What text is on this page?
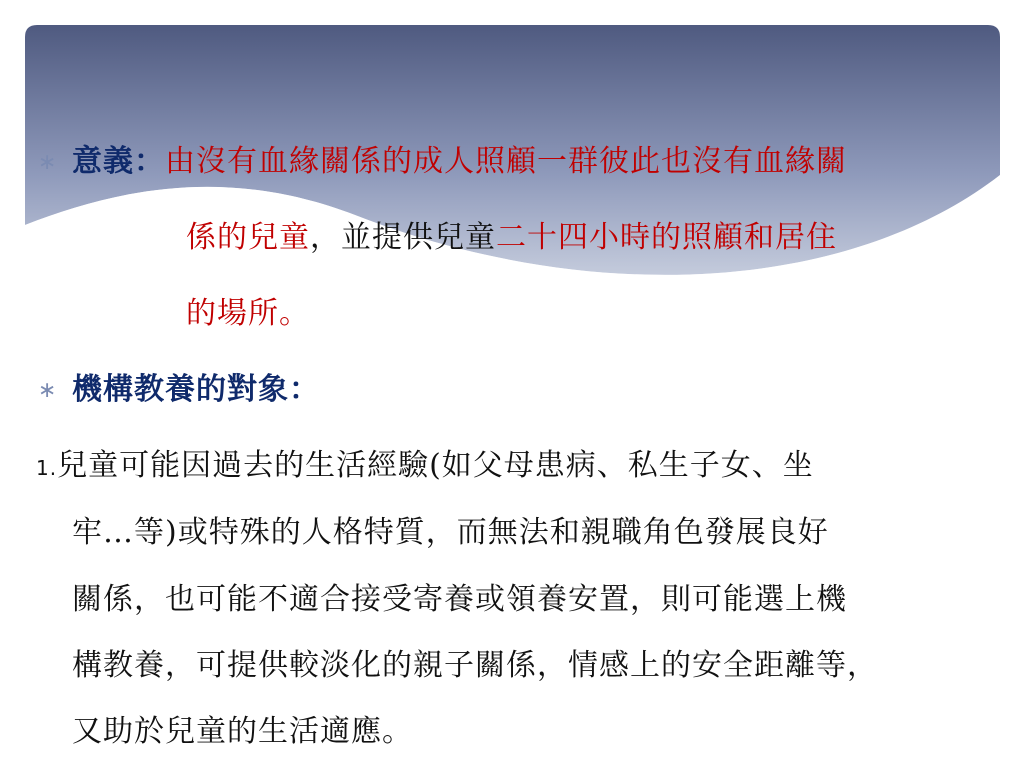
∗ 意義：由沒有血緣關係的成人照顧一群彼此也沒有血緣關
係的兒童，並提供兒童二十四小時的照顧和居住
的場所。
∗ 機構教養的對象：
1.兒童可能因過去的生活經驗(如父母患病、私生子女、坐
牢…等)或特殊的人格特質，而無法和親職角色發展良好
關係，也可能不適合接受寄養或領養安置，則可能選上機
構教養，可提供較淡化的親子關係，情感上的安全距離等，
又助於兒童的生活適應。
